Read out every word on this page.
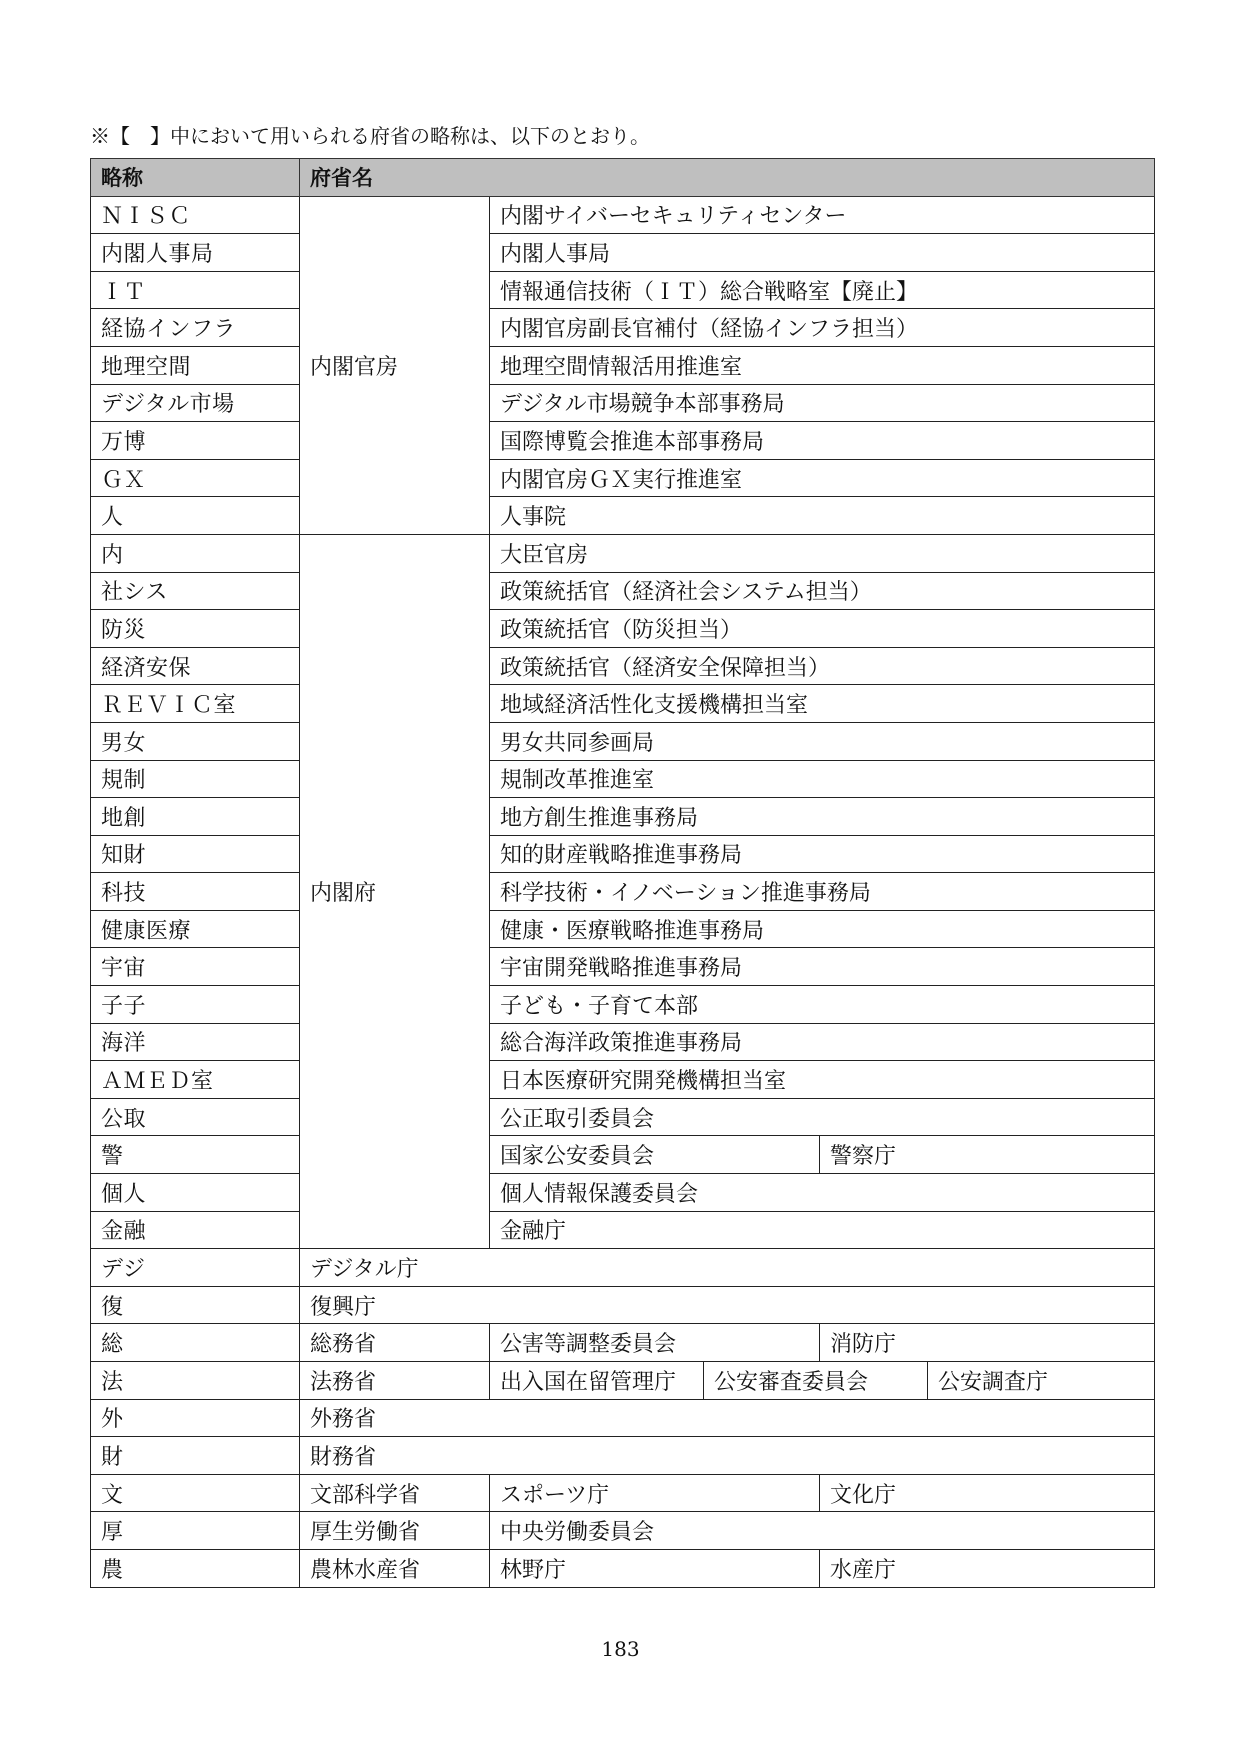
※【　】中において用いられる府省の略称は、以下のとおり。
略称	府省名				
ＮＩＳＣ	内閣官房	内閣サイバーセキュリティセンター			
内閣人事局		内閣人事局			
ＩＴ		情報通信技術（ＩＴ）総合戦略室【廃止】			
経協インフラ		内閣官房副長官補付（経協インフラ担当）			
地理空間		地理空間情報活用推進室			
デジタル市場		デジタル市場競争本部事務局			
万博		国際博覧会推進本部事務局			
ＧＸ		内閣官房ＧＸ実行推進室			
人		人事院			
内	内閣府	大臣官房			
社シス		政策統括官（経済社会システム担当）			
防災		政策統括官（防災担当）			
経済安保		政策統括官（経済安全保障担当）			
ＲＥＶＩＣ室		地域経済活性化支援機構担当室			
男女		男女共同参画局			
規制		規制改革推進室			
地創		地方創生推進事務局			
知財		知的財産戦略推進事務局			
科技		科学技術・イノベーション推進事務局			
健康医療		健康・医療戦略推進事務局			
宇宙		宇宙開発戦略推進事務局			
子子		子ども・子育て本部			
海洋		総合海洋政策推進事務局			
ＡＭＥＤ室		日本医療研究開発機構担当室			
公取		公正取引委員会			
警		国家公安委員会		警察庁	
個人		個人情報保護委員会			
金融		金融庁			
デジ	デジタル庁				
復	復興庁				
総	総務省	公害等調整委員会		消防庁	
法	法務省	出入国在留管理庁	公安審査委員会		公安調査庁
外	外務省				
財	財務省				
文	文部科学省	スポーツ庁		文化庁	
厚	厚生労働省	中央労働委員会			
農	農林水産省	林野庁		水産庁	
183
